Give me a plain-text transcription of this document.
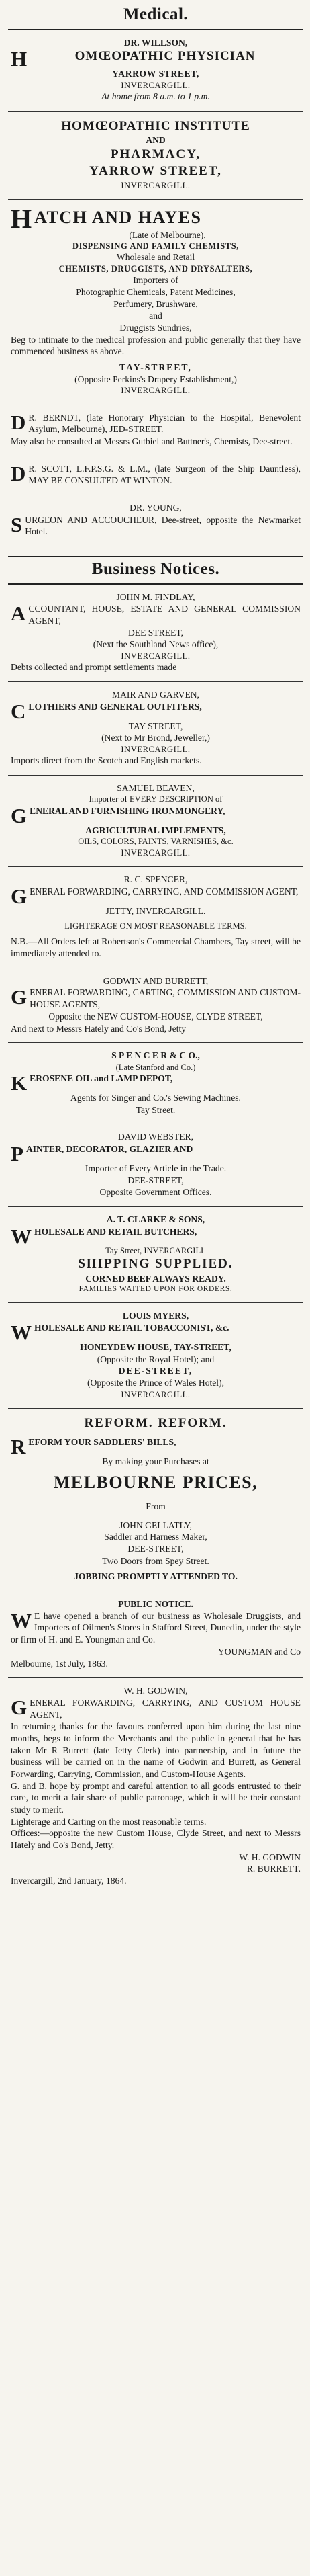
Medical.
DR. WILLSON,
H	OMŒOPATHIC PHYSICIAN
YARROW STREET,
INVERCARGILL.
At home from 8 a.m. to 1 p.m.
HOMŒOPATHIC INSTITUTE
AND
PHARMACY,
YARROW STREET,
INVERCARGILL.
HATCH AND HAYES
(Late of Melbourne),
DISPENSING AND FAMILY CHEMISTS,
Wholesale and Retail
CHEMISTS, DRUGGISTS, AND DRYSALTERS,
Importers of
Photographic Chemicals, Patent Medicines,
Perfumery, Brushware,
and
Druggists Sundries,
Beg to intimate to the medical profession and public generally that they have commenced business as above.
TAY-STREET,
(Opposite Perkins's Drapery Establishment,)
INVERCARGILL.
D R. BERNDT, (late Honorary Physician to the Hospital, Benevolent Asylum, Melbourne), JED-STREET.
May also be consulted at Messrs Gutbiel and Buttner's, Chemists, Dee-street.
D R. SCOTT, L.F.P.S.G. & L.M., (late Surgeon of the Ship Dauntless), MAY BE CONSULTED AT WINTON.
DR. YOUNG,
SURGEON AND ACCOUCHEUR, Dee-street, opposite the Newmarket Hotel.
Business Notices.
JOHN M. FINDLAY,
ACCOUNTANT, HOUSE, ESTATE AND GENERAL COMMISSION AGENT,
DEE STREET,
(Next the Southland News office),
INVERCARGILL.
Debts collected and prompt settlements made
MAIR AND GARVEN,
CLOTHIERS AND GENERAL OUTFITERS,
TAY STREET,
(Next to Mr Brond, Jeweller,)
INVERCARGILL.
Imports direct from the Scotch and English markets.
SAMUEL BEAVEN,
Importer of EVERY DESCRIPTION of
GENERAL AND FURNISHING IRONMONGERY,
AGRICULTURAL IMPLEMENTS,
OILS, COLORS, PAINTS, VARNISHES, &c.
INVERCARGILL.
R. C. SPENCER,
GENERAL FORWARDING, CARRYING, AND COMMISSION AGENT,
JETTY, INVERCARGILL.
LIGHTERAGE ON MOST REASONABLE TERMS.
N.B.—All Orders left at Robertson's Commercial Chambers, Tay street, will be immediately attended to.
GODWIN AND BURRETT,
GENERAL FORWARDING, CARTING, COMMISSION AND CUSTOM-HOUSE AGENTS,
Opposite the NEW CUSTOM-HOUSE, CLYDE STREET,
And next to Messrs Hately and Co's Bond, Jetty
S P E N C E R & C O.,
(Late Stanford and Co.)
KEROSENE OIL and LAMP DEPOT,
Agents for Singer and Co.'s Sewing Machines.
Tay Street.
DAVID WEBSTER,
PAINTER, DECORATOR, GLAZIER AND
Importer of Every Article in the Trade.
DEE-STREET,
Opposite Government Offices.
A. T. CLARKE & SONS,
WHOLESALE AND RETAIL BUTCHERS,
Tay Street, INVERCARGILL
SHIPPING SUPPLIED.
CORNED BEEF ALWAYS READY.
FAMILIES WAITED UPON FOR ORDERS.
LOUIS MYERS,
WHOLESALE AND RETAIL TOBACCONIST, &c.
HONEYDEW HOUSE, TAY-STREET,
(Opposite the Royal Hotel); and
DEE-STREET,
(Opposite the Prince of Wales Hotel),
INVERCARGILL.
REFORM. REFORM.
REFORM YOUR SADDLERS' BILLS,
By making your Purchases at
MELBOURNE PRICES,
From
JOHN GELLATLY,
Saddler and Harness Maker,
DEE-STREET,
Two Doors from Spey Street.
JOBBING PROMPTLY ATTENDED TO.
PUBLIC NOTICE.
W E have opened a branch of our business as Wholesale Druggists, and Importers of Oilmen's Stores in Stafford Street, Dunedin, under the style or firm of H. and E. Youngman and Co.
YOUNGMAN and Co
Melbourne, 1st July, 1863.
W. H. GODWIN,
GENERAL FORWARDING, CARRYING, AND CUSTOM HOUSE AGENT,
In returning thanks for the favours conferred upon him during the last nine months, begs to inform the Merchants and the public in general that he has taken Mr R Burrett (late Jetty Clerk) into partnership, and in future the business will be carried on in the name of Godwin and Burrett, as General Forwarding, Carrying, Commission, and Custom-House Agents.
G. and B. hope by prompt and careful attention to all goods entrusted to their care, to merit a fair share of public patronage, which it will be their constant study to merit.
Lighterage and Carting on the most reasonable terms.
Offices:—opposite the new Custom House, Clyde Street, and next to Messrs Hately and Co's Bond, Jetty.
W. H. GODWIN
R. BURRETT.
Invercargill, 2nd January, 1864.
